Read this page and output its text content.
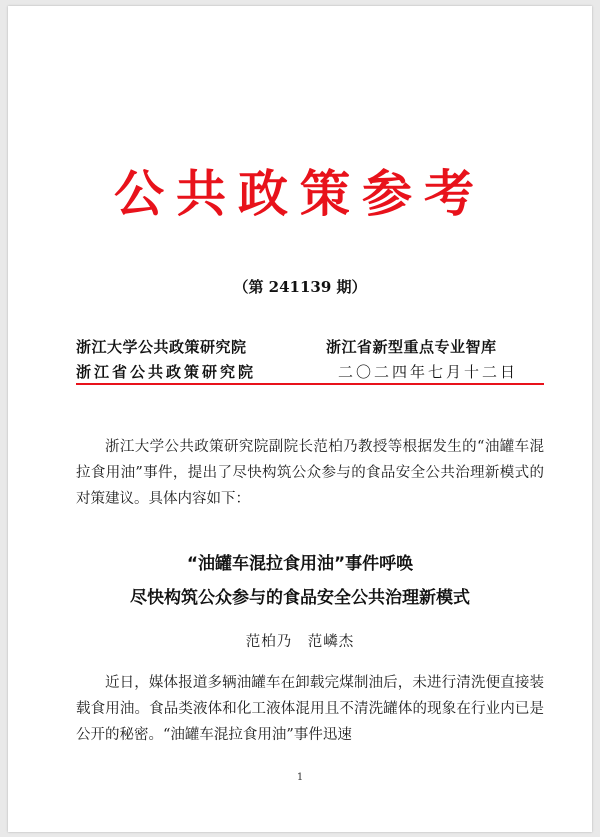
公共政策参考
（第 241139 期）
浙江大学公共政策研究院	浙江省新型重点专业智库
浙江省公共政策研究院	二〇二四年七月十二日

浙江大学公共政策研究院副院长范柏乃教授等根据发生的“油罐车混拉食用油”事件，提出了尽快构筑公众参与的食品安全公共治理新模式的对策建议。具体内容如下：

“油罐车混拉食用油”事件呼唤
尽快构筑公众参与的食品安全公共治理新模式
范柏乃　范嶙杰

近日，媒体报道多辆油罐车在卸载完煤制油后，未进行清洗便直接装载食用油。食品类液体和化工液体混用且不清洗罐体的现象在行业内已是公开的秘密。“油罐车混拉食用油”事件迅速

1
